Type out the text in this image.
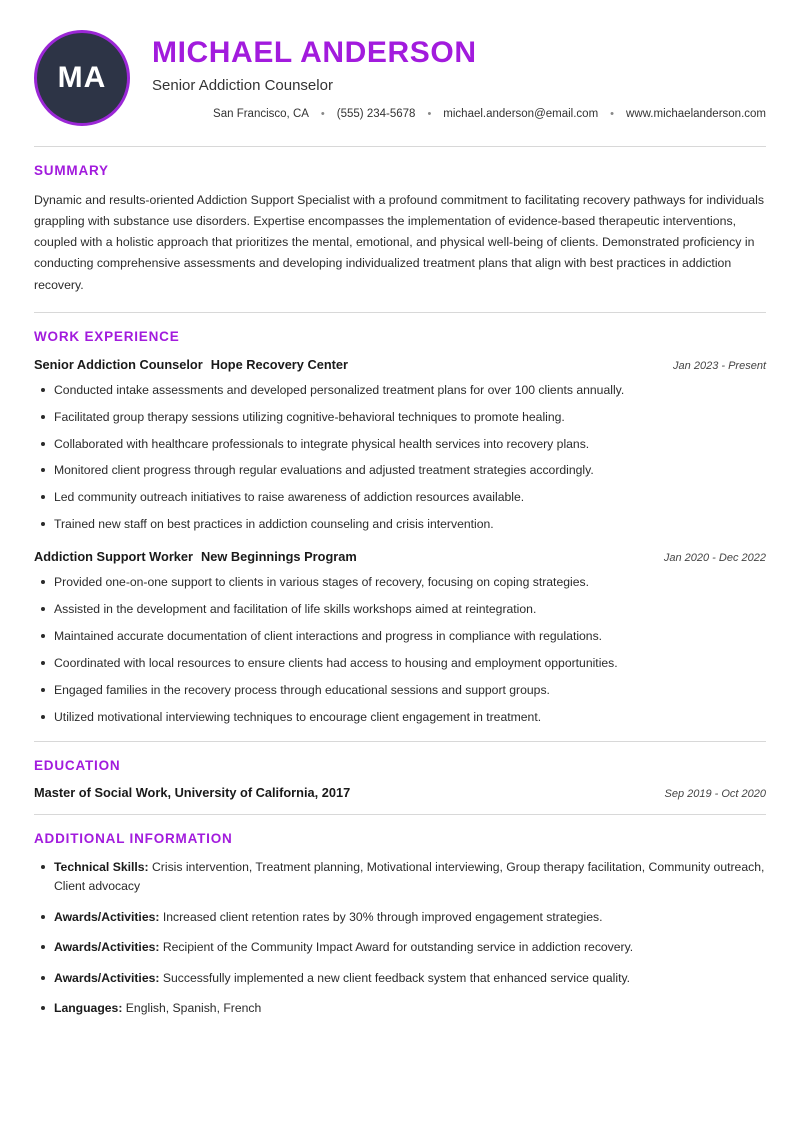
MA
MICHAEL ANDERSON
Senior Addiction Counselor
San Francisco, CA	•	(555) 234-5678	•	michael.anderson@email.com	•	www.michaelanderson.com
SUMMARY

Dynamic and results-oriented Addiction Support Specialist with a profound commitment to facilitating recovery pathways for individuals grappling with substance use disorders. Expertise encompasses the implementation of evidence-based therapeutic interventions, coupled with a holistic approach that prioritizes the mental, emotional, and physical well-being of clients. Demonstrated proficiency in conducting comprehensive assessments and developing individualized treatment plans that align with best practices in addiction recovery.

WORK EXPERIENCE
Senior Addiction Counselor Hope Recovery Center	Jan 2023 - Present
Conducted intake assessments and developed personalized treatment plans for over 100 clients annually.
Facilitated group therapy sessions utilizing cognitive-behavioral techniques to promote healing.
Collaborated with healthcare professionals to integrate physical health services into recovery plans.
Monitored client progress through regular evaluations and adjusted treatment strategies accordingly.
Led community outreach initiatives to raise awareness of addiction resources available.
Trained new staff on best practices in addiction counseling and crisis intervention.
Addiction Support Worker New Beginnings Program	Jan 2020 - Dec 2022
Provided one-on-one support to clients in various stages of recovery, focusing on coping strategies.
Assisted in the development and facilitation of life skills workshops aimed at reintegration.
Maintained accurate documentation of client interactions and progress in compliance with regulations.
Coordinated with local resources to ensure clients had access to housing and employment opportunities.
Engaged families in the recovery process through educational sessions and support groups.
Utilized motivational interviewing techniques to encourage client engagement in treatment.
EDUCATION
Master of Social Work, University of California, 2017	Sep 2019 - Oct 2020
ADDITIONAL INFORMATION
Technical Skills: Crisis intervention, Treatment planning, Motivational interviewing, Group therapy facilitation, Community outreach, Client advocacy
Awards/Activities: Increased client retention rates by 30% through improved engagement strategies.
Awards/Activities: Recipient of the Community Impact Award for outstanding service in addiction recovery.
Awards/Activities: Successfully implemented a new client feedback system that enhanced service quality.
Languages: English, Spanish, French
